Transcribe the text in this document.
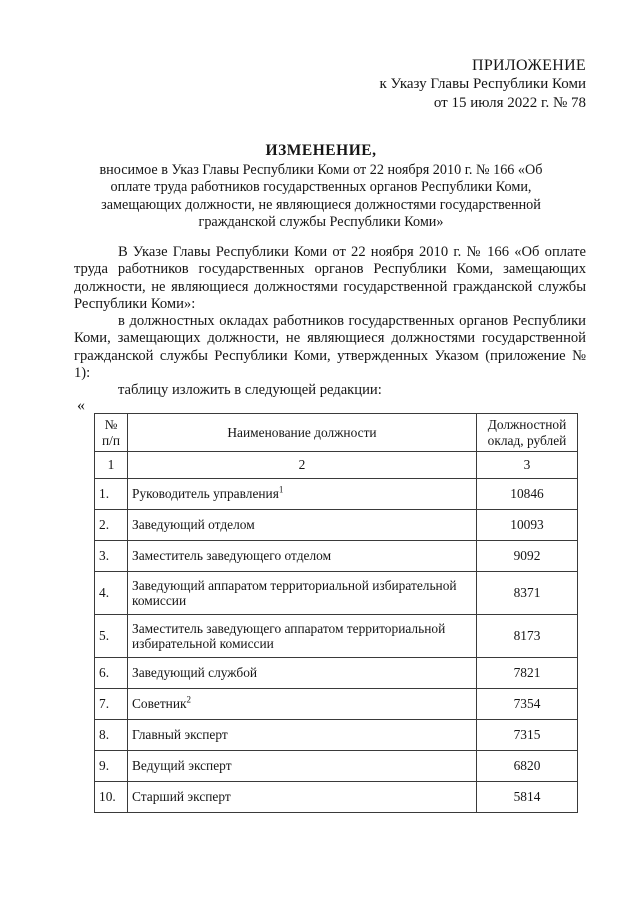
ПРИЛОЖЕНИЕ
к Указу Главы Республики Коми
от 15 июля 2022 г. № 78
ИЗМЕНЕНИЕ,
вносимое в Указ Главы Республики Коми от 22 ноября 2010 г. № 166 «Об
оплате труда работников государственных органов Республики Коми,
замещающих должности, не являющиеся должностями государственной
гражданской службы Республики Коми»

В Указе Главы Республики Коми от 22 ноября 2010 г. № 166 «Об оплате труда работников государственных органов Республики Коми, замещающих должности, не являющиеся должностями государственной гражданской службы Республики Коми»:

в должностных окладах работников государственных органов Республики Коми, замещающих должности, не являющиеся должностями государственной гражданской службы Республики Коми, утвержденных Указом (приложение № 1):

таблицу изложить в следующей редакции:

«
№ п/п	Наименование должности	Должностной оклад, рублей
1	2	3
1.	Руководитель управления$^1$	10846
2.	Заведующий отделом	10093
3.	Заместитель заведующего отделом	9092
4.	Заведующий аппаратом территориальной избирательной комиссии	8371
5.	Заместитель заведующего аппаратом территориальной избирательной комиссии	8173
6.	Заведующий службой	7821
7.	Советник$^2$	7354
8.	Главный эксперт	7315
9.	Ведущий эксперт	6820
10.	Старший эксперт	5814
